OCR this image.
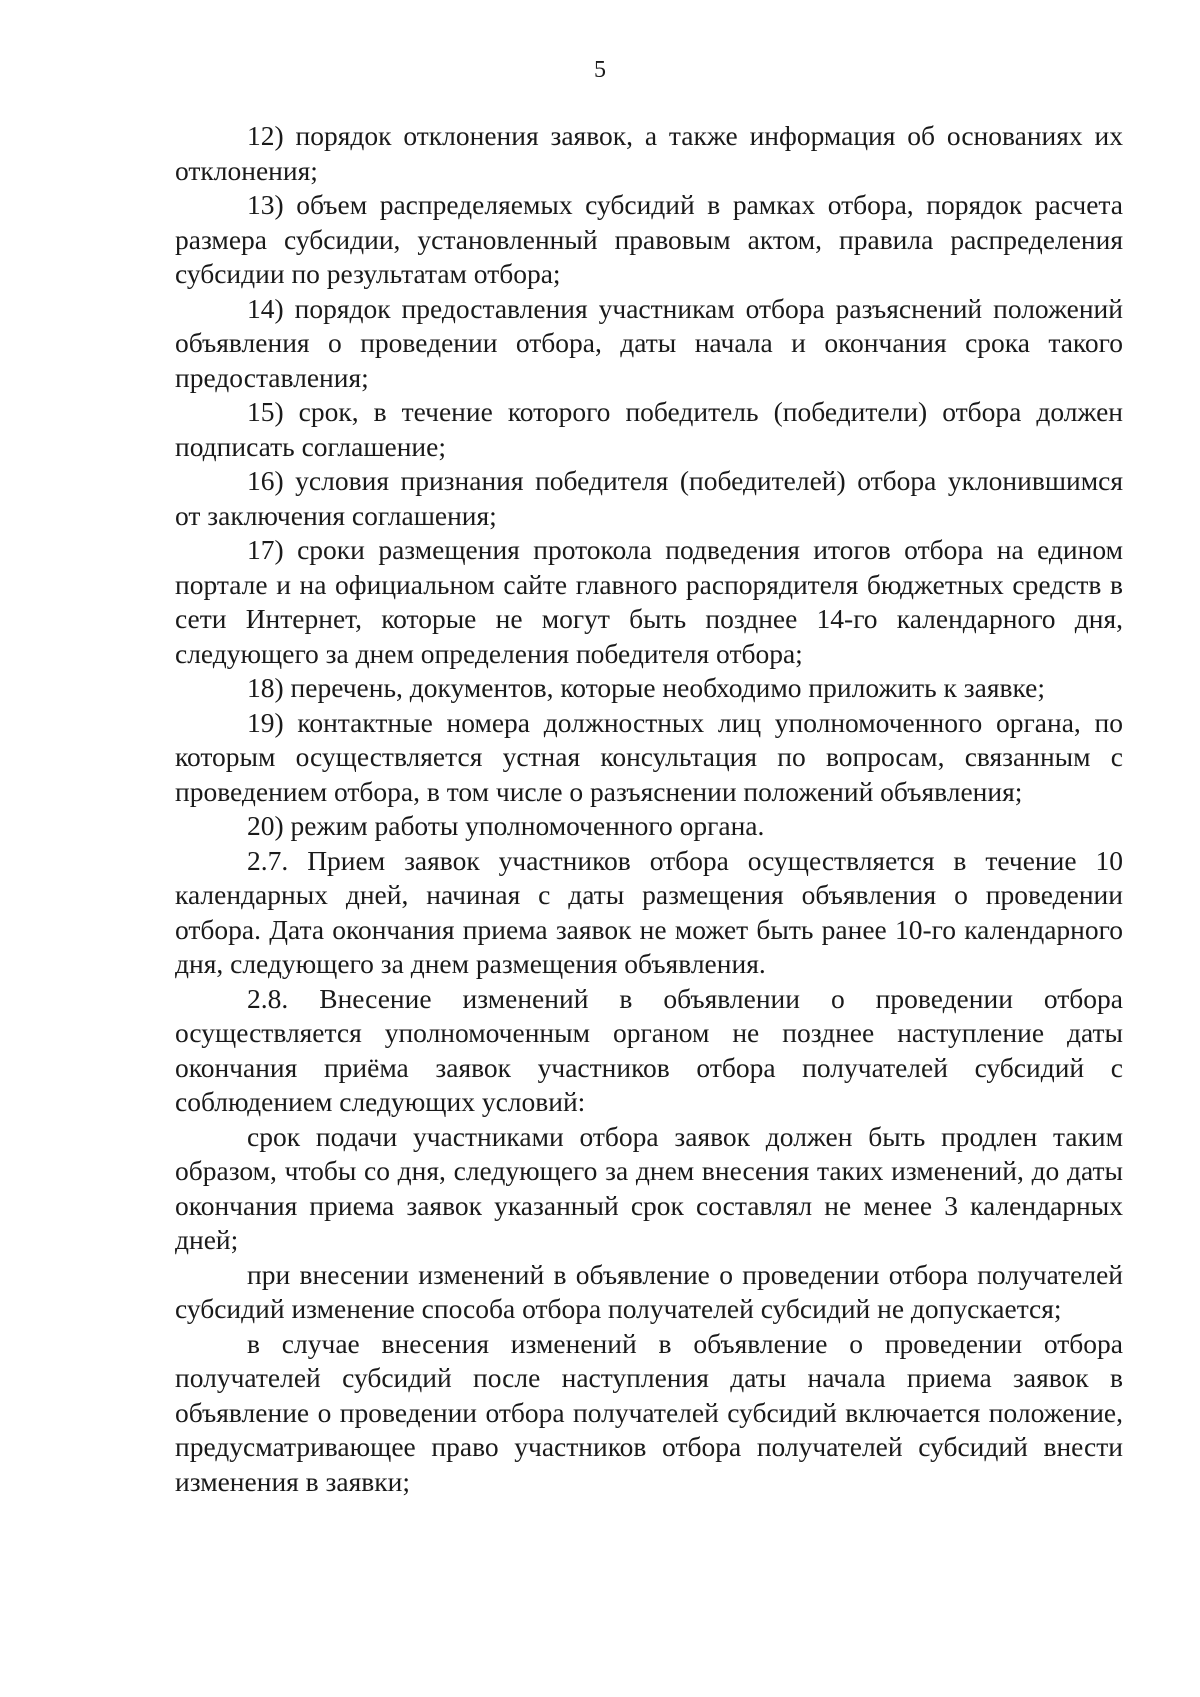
5

12) порядок отклонения заявок, а также информация об основаниях их отклонения;

13) объем распределяемых субсидий в рамках отбора, порядок расчета размера субсидии, установленный правовым актом, правила распределения субсидии по результатам отбора;

14) порядок предоставления участникам отбора разъяснений положений объявления о проведении отбора, даты начала и окончания срока такого предоставления;

15) срок, в течение которого победитель (победители) отбора должен подписать соглашение;

16) условия признания победителя (победителей) отбора уклонившимся от заключения соглашения;

17) сроки размещения протокола подведения итогов отбора на едином портале и на официальном сайте главного распорядителя бюджетных средств в сети Интернет, которые не могут быть позднее 14-го календарного дня, следующего за днем определения победителя отбора;

18) перечень, документов, которые необходимо приложить к заявке;

19) контактные номера должностных лиц уполномоченного органа, по которым осуществляется устная консультация по вопросам, связанным с проведением отбора, в том числе о разъяснении положений объявления;

20) режим работы уполномоченного органа.

2.7. Прием заявок участников отбора осуществляется в течение 10 календарных дней, начиная с даты размещения объявления о проведении отбора. Дата окончания приема заявок не может быть ранее 10-го календарного дня, следующего за днем размещения объявления.

2.8. Внесение изменений в объявлении о проведении отбора осуществляется уполномоченным органом не позднее наступление даты окончания приёма заявок участников отбора получателей субсидий с соблюдением следующих условий:

срок подачи участниками отбора заявок должен быть продлен таким образом, чтобы со дня, следующего за днем внесения таких изменений, до даты окончания приема заявок указанный срок составлял не менее 3 календарных дней;

при внесении изменений в объявление о проведении отбора получателей субсидий изменение способа отбора получателей субсидий не допускается;

в случае внесения изменений в объявление о проведении отбора получателей субсидий после наступления даты начала приема заявок в объявление о проведении отбора получателей субсидий включается положение, предусматривающее право участников отбора получателей субсидий внести изменения в заявки;
